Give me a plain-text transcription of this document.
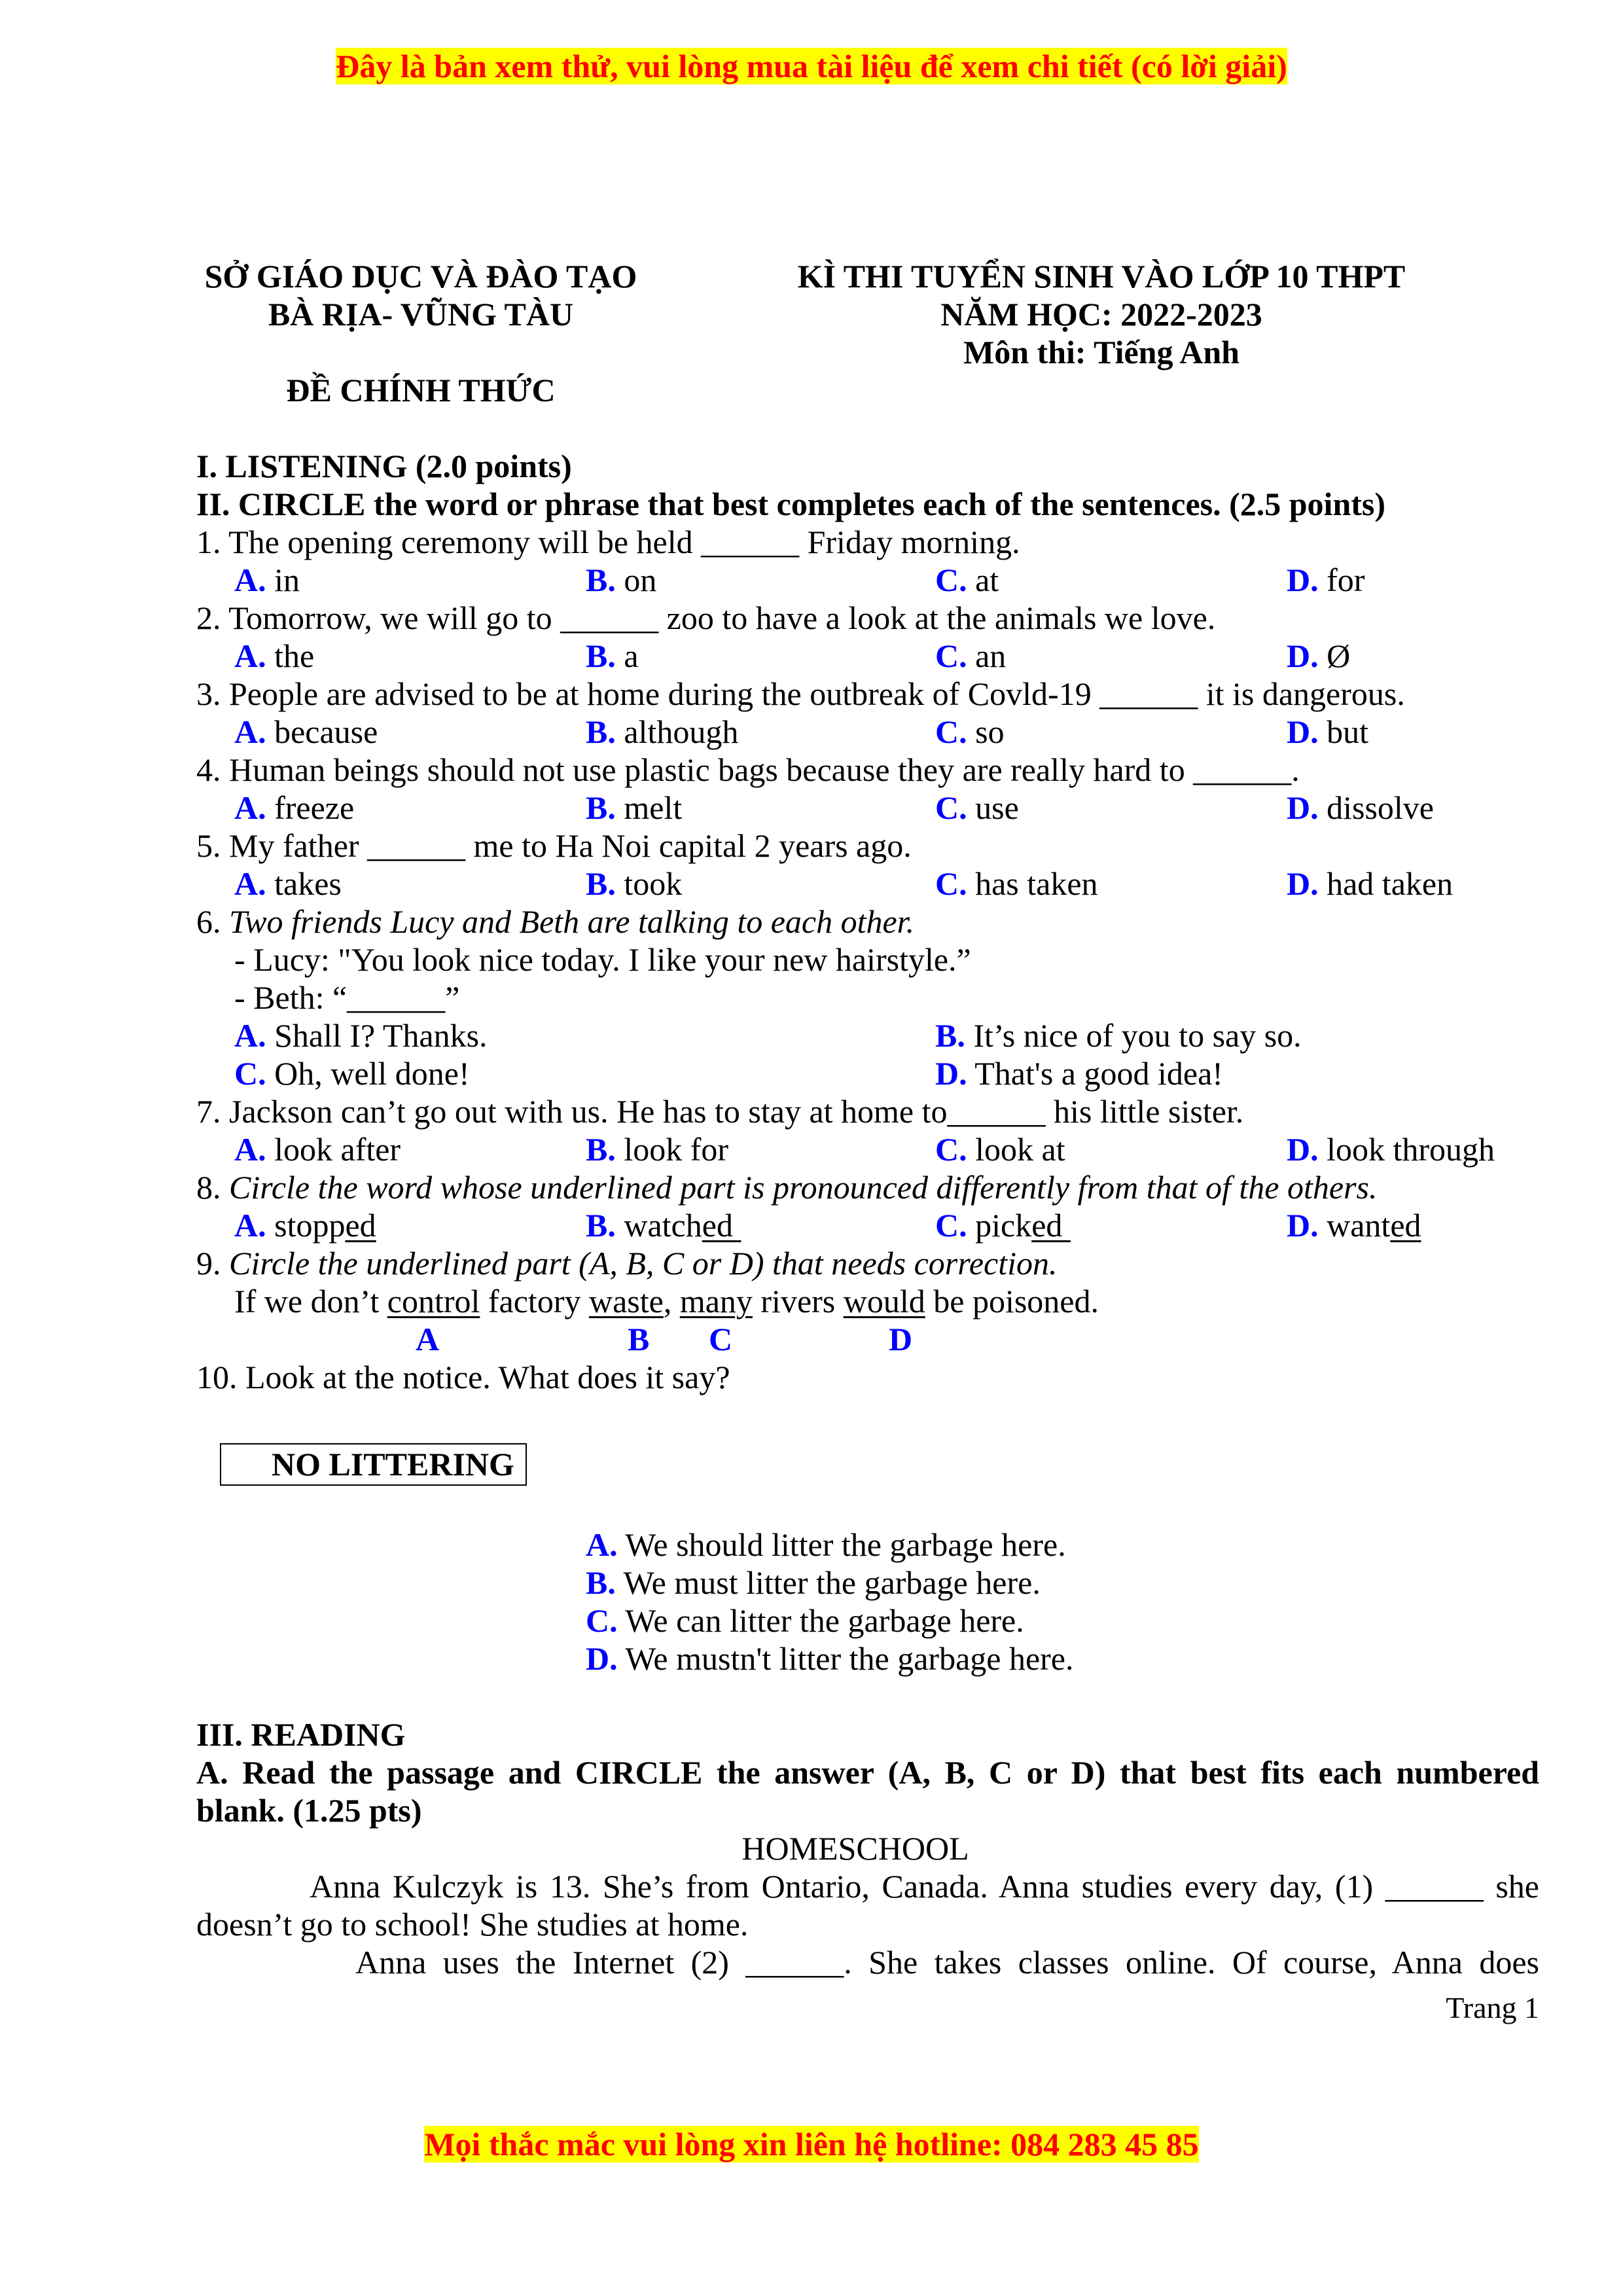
Đây là bản xem thử, vui lòng mua tài liệu để xem chi tiết (có lời giải)
SỞ GIÁO DỤC VÀ ĐÀO TẠO
BÀ RỊA- VŨNG TÀU
ĐỀ CHÍNH THỨC
KÌ THI TUYỂN SINH VÀO LỚP 10 THPT
NĂM HỌC: 2022-2023
Môn thi: Tiếng Anh
I. LISTENING (2.0 points)
II. CIRCLE the word or phrase that best completes each of the sentences. (2.5 points)
1. The opening ceremony will be held ______ Friday morning.
A. in	B. on	C. at	D. for
2. Tomorrow, we will go to ______ zoo to have a look at the animals we love.
A. the	B. a	C. an	D. Ø
3. People are advised to be at home during the outbreak of Covld-19 ______ it is dangerous.
A. because	B. although	C. so	D. but
4. Human beings should not use plastic bags because they are really hard to ______.
A. freeze	B. melt	C. use	D. dissolve
5. My father ______ me to Ha Noi capital 2 years ago.
A. takes	B. took	C. has taken	D. had taken
6. Two friends Lucy and Beth are talking to each other.
- Lucy: "You look nice today. I like your new hairstyle.”
- Beth: “______”
A. Shall I? Thanks.	B. It’s nice of you to say so.
C. Oh, well done!	D. That's a good idea!
7. Jackson can’t go out with us. He has to stay at home to______ his little sister.
A. look after	B. look for	C. look at	D. look through
8. Circle the word whose underlined part is pronounced differently from that of the others.
A. stopped	B. watched	C. picked	D. wanted
9. Circle the underlined part (A, B, C or D) that needs correction.
If we don’t control factory waste, many rivers would be poisoned.
A	B C	D
10. Look at the notice. What does it say?
NO LITTERING
A. We should litter the garbage here.
B. We must litter the garbage here.
C. We can litter the garbage here.
D. We mustn't litter the garbage here.
III. READING
A. Read the passage and CIRCLE the answer (A, B, C or D) that best fits each numbered
blank. (1.25 pts)
HOMESCHOOL
Anna Kulczyk is 13. She’s from Ontario, Canada. Anna studies every day, (1) ______ she
doesn’t go to school! She studies at home.
Anna uses the Internet (2) ______. She takes classes online. Of course, Anna does
Trang 1
Mọi thắc mắc vui lòng xin liên hệ hotline: 084 283 45 85
